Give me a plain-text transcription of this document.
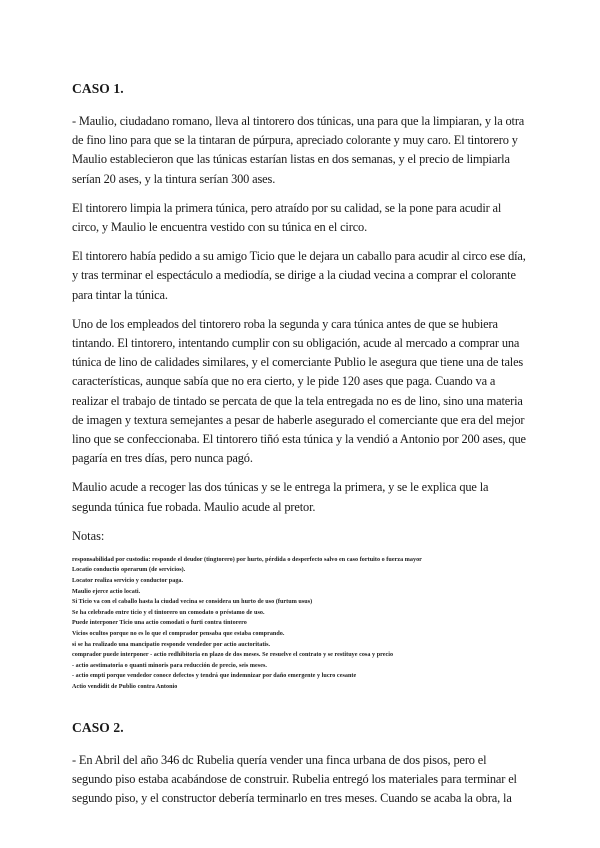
CASO 1.

- Maulio, ciudadano romano, lleva al tintorero dos túnicas, una para que la limpiaran, y la otra de fino lino para que se la tintaran de púrpura, apreciado colorante y muy caro. El tintorero y Maulio establecieron que las túnicas estarían listas en dos semanas, y el precio de limpiarla serían 20 ases, y la tintura serían 300 ases.

El tintorero limpia la primera túnica, pero atraído por su calidad, se la pone para acudir al circo, y Maulio le encuentra vestido con su túnica en el circo.

El tintorero había pedido a su amigo Ticio que le dejara un caballo para acudir al circo ese día, y tras terminar el espectáculo a mediodía, se dirige a la ciudad vecina a comprar el colorante para tintar la túnica.

Uno de los empleados del tintorero roba la segunda y cara túnica antes de que se hubiera tintando. El tintorero, intentando cumplir con su obligación, acude al mercado a comprar una túnica de lino de calidades similares, y el comerciante Publio le asegura que tiene una de tales características, aunque sabía que no era cierto, y le pide 120 ases que paga. Cuando va a realizar el trabajo de tintado se percata de que la tela entregada no es de lino, sino una materia de imagen y textura semejantes a pesar de haberle asegurado el comerciante que era del mejor lino que se confeccionaba. El tintorero tiñó esta túnica y la vendió a Antonio por 200 ases, que pagaría en tres días, pero nunca pagó.

Maulio acude a recoger las dos túnicas y se le entrega la primera, y se le explica que la segunda túnica fue robada. Maulio acude al pretor.

Notas:

responsabilidad por custodia: responde el deudor (tingtorero) por hurto, pérdida o desperfecto salvo en caso fortuito o fuerza mayor

Locatio conductio operarum (de servicios).

Locator realiza servicio y conductor paga.

Maulio ejerce actio locati.

Si Ticio va con el caballo hasta la ciudad vecina se considera un hurto de uso (furtum usus)

Se ha celebrado entre ticio y el tintorero un comodato o préstamo de uso.

Puede interponer Ticio una actio comodati o furti contra tintorero

Vicios ocultos porque no es lo que el comprador pensaba que estaba comprando.

si se ha realizado una mancipatio responde vendedor por actio auctoritatis.

comprador puede interponer - actio redhibitoria en plazo de dos meses. Se resuelve el contrato y se restituye cosa y precio

- actio aestimatoria o quanti minoris para reducción de precio, seis meses.

- actio empti porque vendedor conoce defectos y tendrá que indemnizar por daño emergente y lucro cesante

Actio vendidit de Publio contra Antonio

CASO 2.

- En Abril del año 346 dc Rubelia quería vender una finca urbana de dos pisos, pero el segundo piso estaba acabándose de construir. Rubelia entregó los materiales para terminar el segundo piso, y el constructor debería terminarlo en tres meses. Cuando se acaba la obra, la
